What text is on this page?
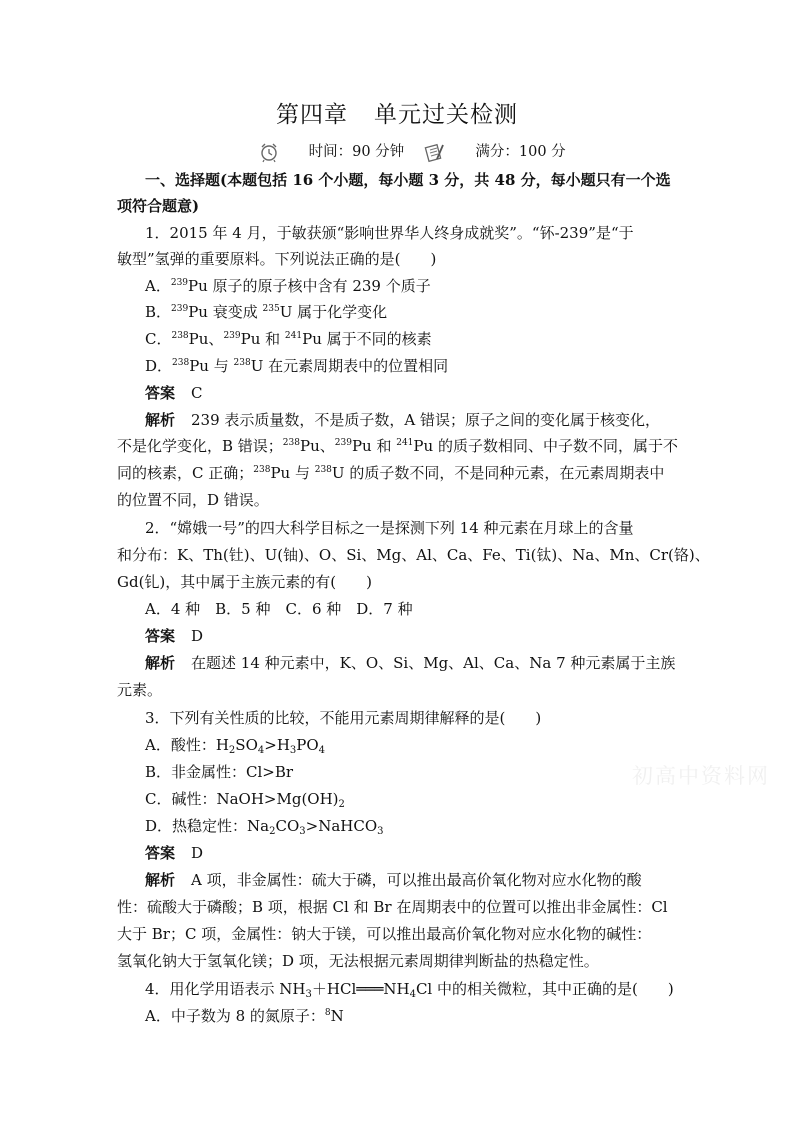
第四章 单元过关检测
时间：90 分钟	满分：100 分
一、选择题(本题包括 16 个小题，每小题 3 分，共 48 分，每小题只有一个选
项符合题意)
1．2015 年 4 月，于敏获颁“影响世界华人终身成就奖”。“钚-239”是“于
敏型”氢弹的重要原料。下列说法正确的是(　　)
A．$^{239}$Pu 原子的原子核中含有 239 个质子
B．$^{239}$Pu 衰变成 $^{235}$U 属于化学变化
C．$^{238}$Pu、$^{239}$Pu 和 $^{241}$Pu 属于不同的核素
D．$^{238}$Pu 与 $^{238}$U 在元素周期表中的位置相同
答案 C
解析 239 表示质量数，不是质子数，A 错误；原子之间的变化属于核变化，
不是化学变化，B 错误；$^{238}$Pu、$^{239}$Pu 和 $^{241}$Pu 的质子数相同、中子数不同，属于不
同的核素，C 正确；$^{238}$Pu 与 $^{238}$U 的质子数不同，不是同种元素，在元素周期表中
的位置不同，D 错误。
2．“嫦娥一号”的四大科学目标之一是探测下列 14 种元素在月球上的含量
和分布：K、Th(钍)、U(铀)、O、Si、Mg、Al、Ca、Fe、Ti(钛)、Na、Mn、Cr(铬)、
Gd(钆)，其中属于主族元素的有(　　)
A．4 种　B．5 种　C．6 种　D．7 种
答案 D
解析 在题述 14 种元素中，K、O、Si、Mg、Al、Ca、Na 7 种元素属于主族
元素。
3．下列有关性质的比较，不能用元素周期律解释的是(　　)
A．酸性：$H_2SO_4>H_3PO_4$
B．非金属性：Cl>Br
C．碱性：$NaOH>Mg(OH)_2$
D．热稳定性：$Na_2CO_3>NaHCO_3$
答案 D
解析 A 项，非金属性：硫大于磷，可以推出最高价氧化物对应水化物的酸
性：硫酸大于磷酸；B 项，根据 Cl 和 Br 在周期表中的位置可以推出非金属性：Cl
大于 Br；C 项，金属性：钠大于镁，可以推出最高价氧化物对应水化物的碱性：
氢氧化钠大于氢氧化镁；D 项，无法根据元素周期律判断盐的热稳定性。
4．用化学用语表示 $NH_3+HCl═══NH_4Cl$ 中的相关微粒，其中正确的是(　　)
A．中子数为 8 的氮原子：$^8$N
初高中资料网
